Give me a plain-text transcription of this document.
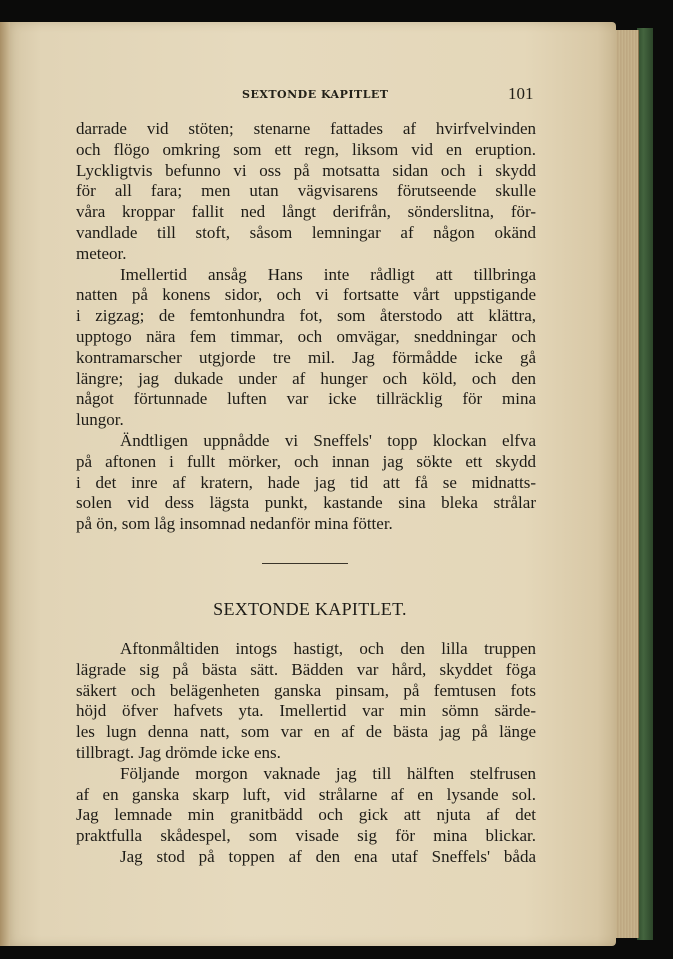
SEXTONDE KAPITLET	101
darrade vid stöten; stenarne fattades af hvirfvelvinden
och flögo omkring som ett regn, liksom vid en eruption.
Lyckligtvis befunno vi oss på motsatta sidan och i skydd
för all fara; men utan vägvisarens förutseende skulle
våra kroppar fallit ned långt derifrån, sönderslitna, för-
vandlade till stoft, såsom lemningar af någon okänd
meteor.
Imellertid ansåg Hans inte rådligt att tillbringa
natten på konens sidor, och vi fortsatte vårt uppstigande
i zigzag; de femtonhundra fot, som återstodo att klättra,
upptogo nära fem timmar, och omvägar, sneddningar och
kontramarscher utgjorde tre mil. Jag förmådde icke gå
längre; jag dukade under af hunger och köld, och den
något förtunnade luften var icke tillräcklig för mina
lungor.
Ändtligen uppnådde vi Sneffels' topp klockan elfva
på aftonen i fullt mörker, och innan jag sökte ett skydd
i det inre af kratern, hade jag tid att få se midnatts-
solen vid dess lägsta punkt, kastande sina bleka strålar
på ön, som låg insomnad nedanför mina fötter.
SEXTONDE KAPITLET.
Aftonmåltiden intogs hastigt, och den lilla truppen
lägrade sig på bästa sätt. Bädden var hård, skyddet föga
säkert och belägenheten ganska pinsam, på femtusen fots
höjd öfver hafvets yta. Imellertid var min sömn särde-
les lugn denna natt, som var en af de bästa jag på länge
tillbragt. Jag drömde icke ens.
Följande morgon vaknade jag till hälften stelfrusen
af en ganska skarp luft, vid strålarne af en lysande sol.
Jag lemnade min granitbädd och gick att njuta af det
praktfulla skådespel, som visade sig för mina blickar.
Jag stod på toppen af den ena utaf Sneffels' båda
